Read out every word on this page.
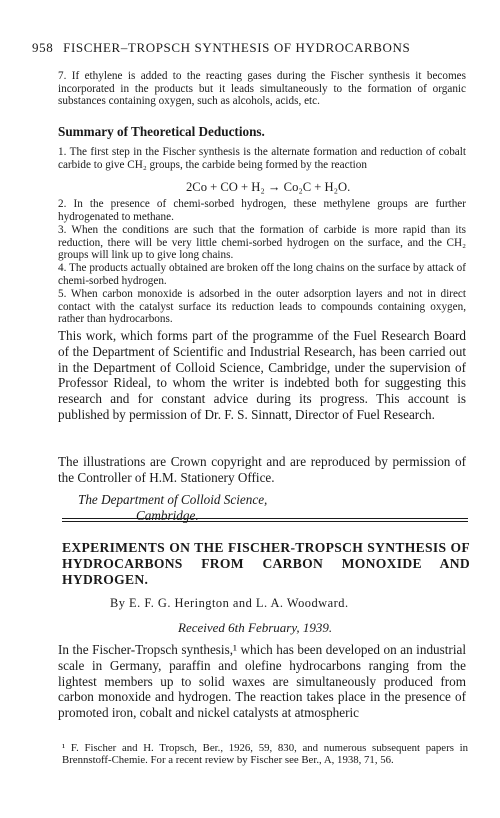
958 FISCHER–TROPSCH SYNTHESIS OF HYDROCARBONS
7. If ethylene is added to the reacting gases during the Fischer synthesis it becomes incorporated in the products but it leads simultaneously to the formation of organic substances containing oxygen, such as alcohols, acids, etc.
Summary of Theoretical Deductions.
1. The first step in the Fischer synthesis is the alternate formation and reduction of cobalt carbide to give CH₂ groups, the carbide being formed by the reaction
2Co + CO + H₂ → Co₂C + H₂O.
2. In the presence of chemi-sorbed hydrogen, these methylene groups are further hydrogenated to methane.
3. When the conditions are such that the formation of carbide is more rapid than its reduction, there will be very little chemi-sorbed hydrogen on the surface, and the CH₂ groups will link up to give long chains.
4. The products actually obtained are broken off the long chains on the surface by attack of chemi-sorbed hydrogen.
5. When carbon monoxide is adsorbed in the outer adsorption layers and not in direct contact with the catalyst surface its reduction leads to compounds containing oxygen, rather than hydrocarbons.
This work, which forms part of the programme of the Fuel Research Board of the Department of Scientific and Industrial Research, has been carried out in the Department of Colloid Science, Cambridge, under the supervision of Professor Rideal, to whom the writer is indebted both for suggesting this research and for constant advice during its progress. This account is published by permission of Dr. F. S. Sinnatt, Director of Fuel Research.
The illustrations are Crown copyright and are reproduced by permission of the Controller of H.M. Stationery Office.
The Department of Colloid Science,
Cambridge.
EXPERIMENTS ON THE FISCHER-TROPSCH SYNTHESIS OF HYDROCARBONS FROM CARBON MONOXIDE AND HYDROGEN.
By E. F. G. Herington and L. A. Woodward.
Received 6th February, 1939.
In the Fischer-Tropsch synthesis,¹ which has been developed on an industrial scale in Germany, paraffin and olefine hydrocarbons ranging from the lightest members up to solid waxes are simultaneously produced from carbon monoxide and hydrogen. The reaction takes place in the presence of promoted iron, cobalt and nickel catalysts at atmospheric
¹ F. Fischer and H. Tropsch, Ber., 1926, 59, 830, and numerous subsequent papers in Brennstoff-Chemie. For a recent review by Fischer see Ber., A, 1938, 71, 56.
